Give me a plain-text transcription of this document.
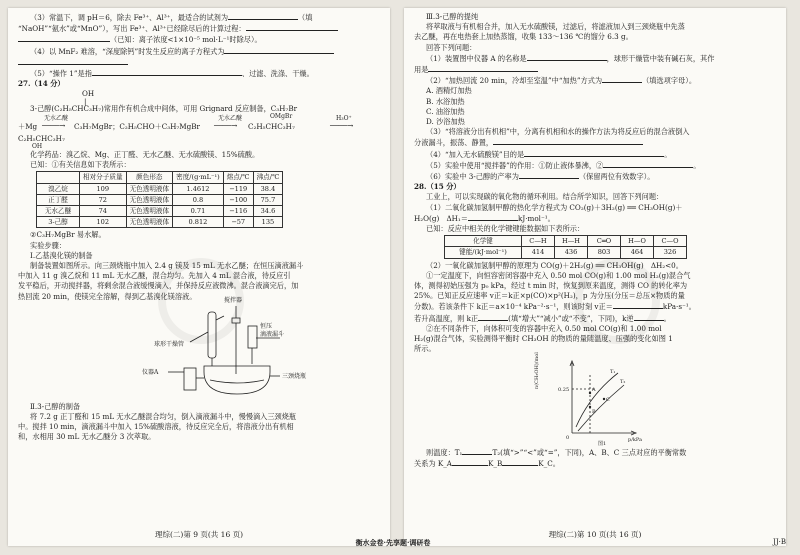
（3）常温下，调 pH＝6，除去 Fe³⁺、Al³⁺，最适合的试剂为	（填

“NaOH”“氨水”或“MnO”），写出 Fe³⁺、Al³⁺已经除尽后的计算过程：

（已知：离子浓度<1×10⁻⁵ mol·L⁻¹时除尽）。

（4）以 MnF₂ 难溶，“深度除钙”时发生反应的离子方程式为

（5）“操作 1”是指	、过滤、洗涤、干燥。

27.（14 分）

OH

|

3-己醇(C₂H₅CHC₃H₇)常用作有机合成中间体，可用 Grignard 反应制备，C₃H₇Br

＋Mg
无水乙醚
────→ C₃H₇MgBr；C₂H₅CHO＋C₃H₇MgBr
无水乙醚
────→ C₂H₅CHC₃H₇
OMgBr	H₃O⁺
────→

C₂H₅CHC₃H₇

OH

化学药品：溴乙烷、Mg、正丁醛、无水乙醚、无水硫酸镁、15%硫酸。

已知：①有关信息如下表所示：

	相对分子质量	颜色形态	密度/(g·mL⁻¹)	熔点/℃	沸点/℃
溴乙烷	109	无色透明液体	1.4612	−119	38.4
正丁醛	72	无色透明液体	0.8	−100	75.7
无水乙醚	74	无色透明液体	0.71	−116	34.6
3-己醇	102	无色透明液体	0.812	−57	135

②C₃H₇MgBr 易水解。

实验步骤：

Ⅰ.乙基溴化镁的制备

制备装置如图所示。向三颈烧瓶中加入 2.4 g 镁及 15 mL 无水乙醚；在恒压滴液漏斗

中加入 11 g 溴乙烷和 11 mL 无水乙醚，混合均匀。先加入 4 mL 混合液，待反应引

发平稳后，开动搅拌器，将剩余混合液缓慢滴入，并保持反应液微沸。混合液滴完后，加

热回流 20 min，使镁完全溶解，得到乙基溴化镁溶液。	搅拌器
球形干燥管
恒压
滴液漏斗
仪器A
三颈烧瓶

Ⅱ.3-己醇的制备

将 7.2 g 正丁醛和 15 mL 无水乙醚混合均匀，倒入滴液漏斗中，慢慢滴入三颈烧瓶

中。搅拌 10 min，滴液漏斗中加入 15%硫酸溶液，待反应完全后，将溶液分出有机相

和，水相用 30 mL 无水乙醚分 3 次萃取。

理综(二)第 9 页(共 16 页)

Ⅲ.3-己醇的提纯

将萃取液与有机相合并，加入无水硫酸镁，过滤后，将滤液加入到三颈烧瓶中先蒸

去乙醚，再在电热套上加热蒸馏，收集 133～136 ℃的馏分 6.3 g。

回答下列问题：

（1）装置图中仪器 A 的名称是	，球形干燥管中装有碱石灰，其作

用是

（2）“加热回流 20 min，冷却至室温”中“加热”方式为	（填选项字母）。

A. 酒精灯加热

B. 水浴加热

C. 油浴加热

D. 沙浴加热

（3）“将溶液分出有机相”中，分离有机相和水的操作方法为将反应后的混合液倒入

分液漏斗，振荡、静置，

（4）“加入无水硫酸镁”目的是	。

（5）实验中使用“搅拌器”的作用：①防止液体暴沸，②	。

（6）实验中 3-己醇的产率为	（保留两位有效数字）。

28.（15 分）

工业上，可以实现碳的氧化物的循环利用。结合所学知识，回答下列问题：

（1）二氧化碳加氢制甲醇的热化学方程式为 CO₂(g)＋3H₂(g) ══ CH₃OH(g)＋

H₂O(g)　 ΔH₁＝	kJ·mol⁻¹。

已知：反应中相关的化学键键能数据如下表所示：

化学键	C—H	H—H	C═O	H—O	C—O
键能/(kJ·mol⁻¹)	414	436	803	464	326

（2）一氧化碳加氢制甲醇的原理为 CO(g)＋2H₂(g) ══ CH₃OH(g)　ΔH₂<0。

①一定温度下，向恒容密闭容器中充入 0.50 mol CO(g)和 1.00 mol H₂(g)混合气

体，测得初始压强为 p₀ kPa，经过 t min 时，恢复到原来温度，测得 CO 的转化率为

25%。已知正反应速率 v正＝k正×p(CO)×p²(H₂)，p 为分压(分压＝总压×物质的量

分数)。若该条件下 k正＝a×10⁻⁴ kPa⁻²·s⁻¹，则该时刻 v正＝	kPa·s⁻¹。

若升高温度，则 k正	(填“增大”“减小”或“不变”，下同)，k逆	。

②在不同条件下，向体积可变的容器中充入 0.50 mol CO(g)和 1.00 mol

H₂(g)混合气体，实验测得平衡时 CH₃OH 的物质的量随温度、压强的变化如图 1

所示。

n(CH₃OH)/mol
p/kPa
0.25
0
T₁
T₂
A
B
C
图1

则温度：T₁	T₂(填“>”“<”或“=”，下同)，A、B、C 三点对应的平衡常数

关系为 K_A	K_B	K_C。

理综(二)第 10 页(共 16 页)
衡水金卷·先享题·调研卷	JJ·B
